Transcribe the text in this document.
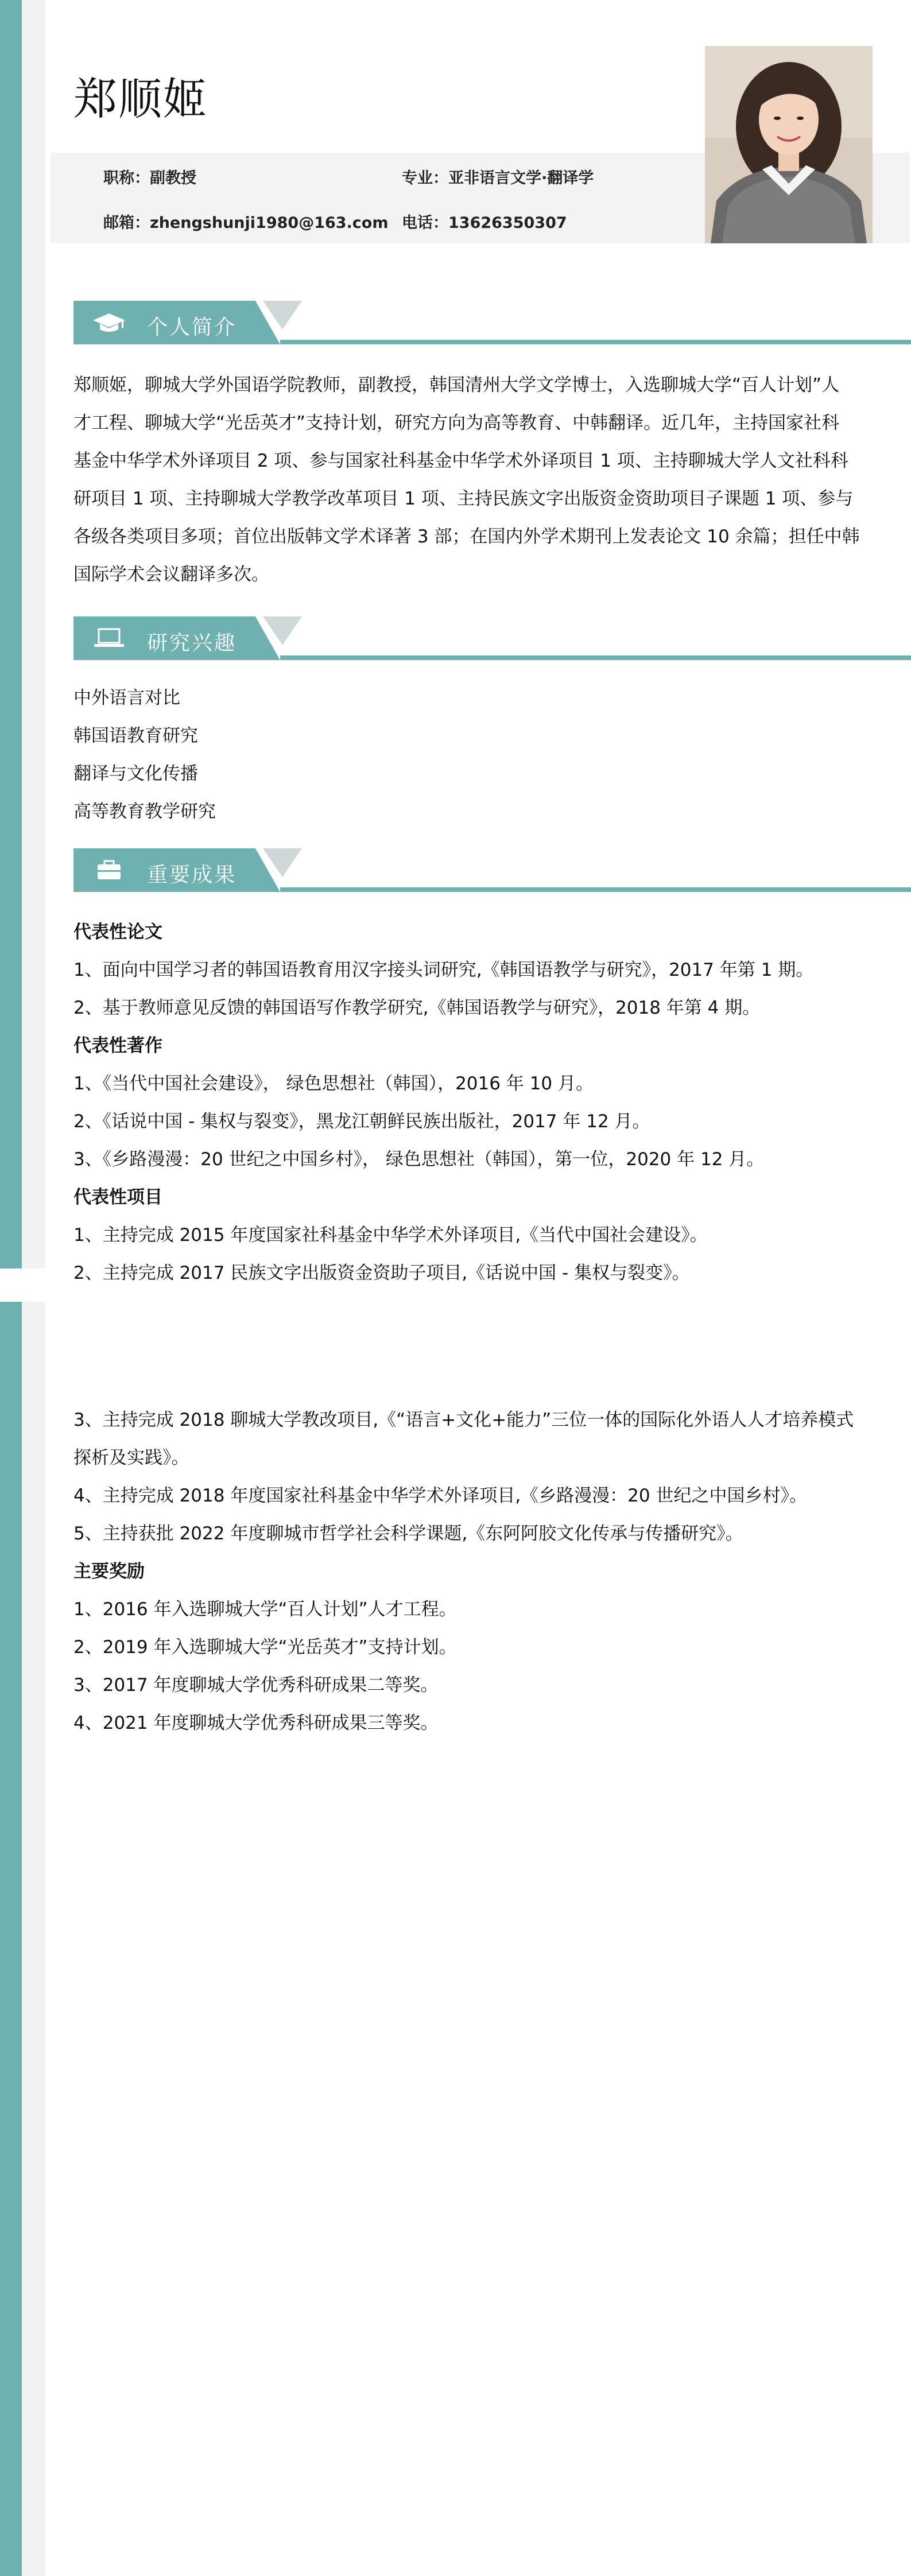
郑顺姬
职称：副教授	专业：亚非语言文学·翻译学
邮箱：zhengshunji1980@163.com 电话：13626350307
个人简介
郑顺姬，聊城大学外国语学院教师，副教授，韩国清州大学文学博士，入选聊城大学“百人计划”人
才工程、聊城大学“光岳英才”支持计划，研究方向为高等教育、中韩翻译。近几年，主持国家社科
基金中华学术外译项目 2 项、参与国家社科基金中华学术外译项目 1 项、主持聊城大学人文社科科
研项目 1 项、主持聊城大学教学改革项目 1 项、主持民族文字出版资金资助项目子课题 1 项、参与
各级各类项目多项；首位出版韩文学术译著 3 部；在国内外学术期刊上发表论文 10 余篇；担任中韩
国际学术会议翻译多次。
研究兴趣
中外语言对比
韩国语教育研究
翻译与文化传播
高等教育教学研究
重要成果
代表性论文
1、面向中国学习者的韩国语教育用汉字接头词研究,《韩国语教学与研究》，2017 年第 1 期。
2、基于教师意见反馈的韩国语写作教学研究,《韩国语教学与研究》，2018 年第 4 期。
代表性著作
1、《当代中国社会建设》， 绿色思想社（韩国），2016 年 10 月。
2、《话说中国 - 集权与裂变》，黑龙江朝鲜民族出版社，2017 年 12 月。
3、《乡路漫漫：20 世纪之中国乡村》， 绿色思想社（韩国），第一位，2020 年 12 月。
代表性项目
1、主持完成 2015 年度国家社科基金中华学术外译项目,《当代中国社会建设》。
2、主持完成 2017 民族文字出版资金资助子项目,《话说中国 - 集权与裂变》。
3、主持完成 2018 聊城大学教改项目,《“语言+文化+能力”三位一体的国际化外语人人才培养模式
探析及实践》。
4、主持完成 2018 年度国家社科基金中华学术外译项目,《乡路漫漫：20 世纪之中国乡村》。
5、主持获批 2022 年度聊城市哲学社会科学课题,《东阿阿胶文化传承与传播研究》。
主要奖励
1、2016 年入选聊城大学“百人计划”人才工程。
2、2019 年入选聊城大学“光岳英才”支持计划。
3、2017 年度聊城大学优秀科研成果二等奖。
4、2021 年度聊城大学优秀科研成果三等奖。
